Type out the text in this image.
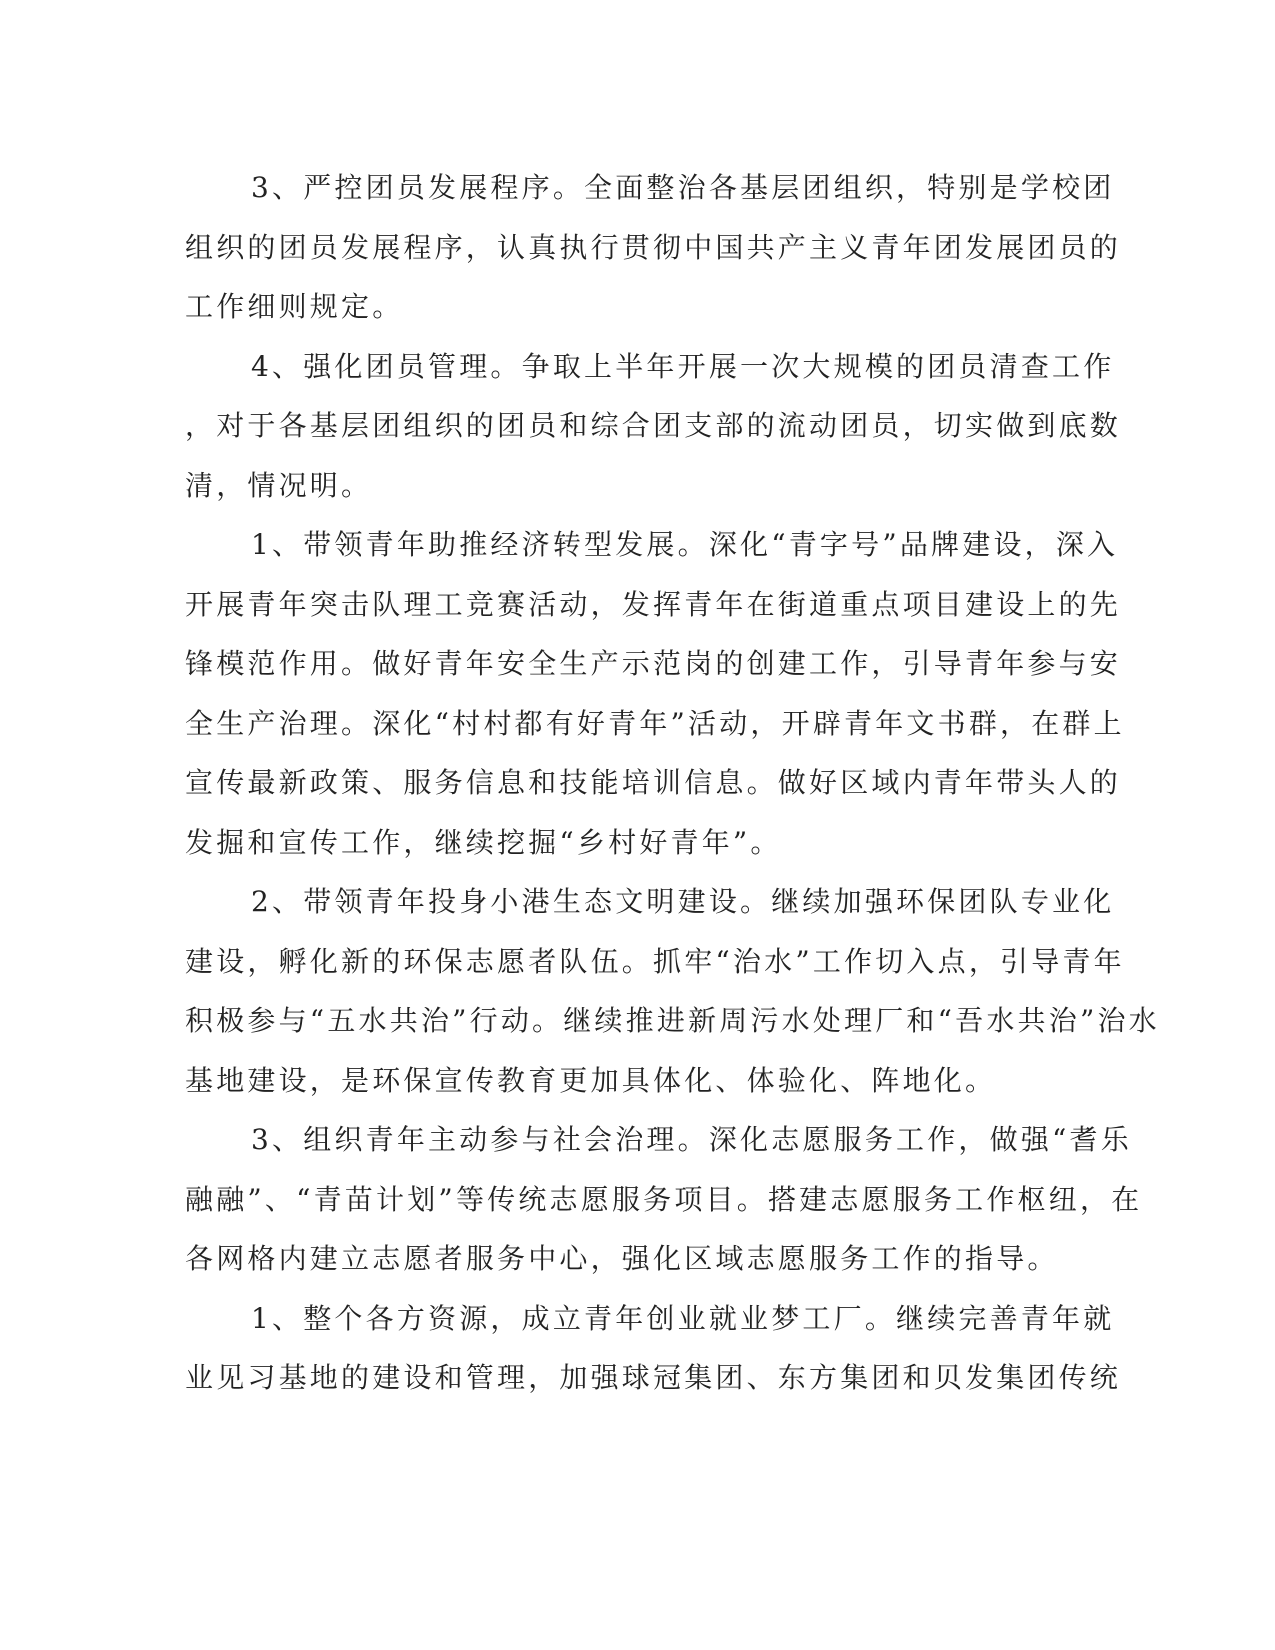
3、严控团员发展程序。全面整治各基层团组织，特别是学校团
组织的团员发展程序，认真执行贯彻中国共产主义青年团发展团员的
工作细则规定。
4、强化团员管理。争取上半年开展一次大规模的团员清查工作
，对于各基层团组织的团员和综合团支部的流动团员，切实做到底数
清，情况明。
1、带领青年助推经济转型发展。深化“青字号”品牌建设，深入
开展青年突击队理工竞赛活动，发挥青年在街道重点项目建设上的先
锋模范作用。做好青年安全生产示范岗的创建工作，引导青年参与安
全生产治理。深化“村村都有好青年”活动，开辟青年文书群，在群上
宣传最新政策、服务信息和技能培训信息。做好区域内青年带头人的
发掘和宣传工作，继续挖掘“乡村好青年”。
2、带领青年投身小港生态文明建设。继续加强环保团队专业化
建设，孵化新的环保志愿者队伍。抓牢“治水”工作切入点，引导青年
积极参与“五水共治”行动。继续推进新周污水处理厂和“吾水共治”治水
基地建设，是环保宣传教育更加具体化、体验化、阵地化。
3、组织青年主动参与社会治理。深化志愿服务工作，做强“耆乐
融融”、“青苗计划”等传统志愿服务项目。搭建志愿服务工作枢纽，在
各网格内建立志愿者服务中心，强化区域志愿服务工作的指导。
1、整个各方资源，成立青年创业就业梦工厂。继续完善青年就
业见习基地的建设和管理，加强球冠集团、东方集团和贝发集团传统
